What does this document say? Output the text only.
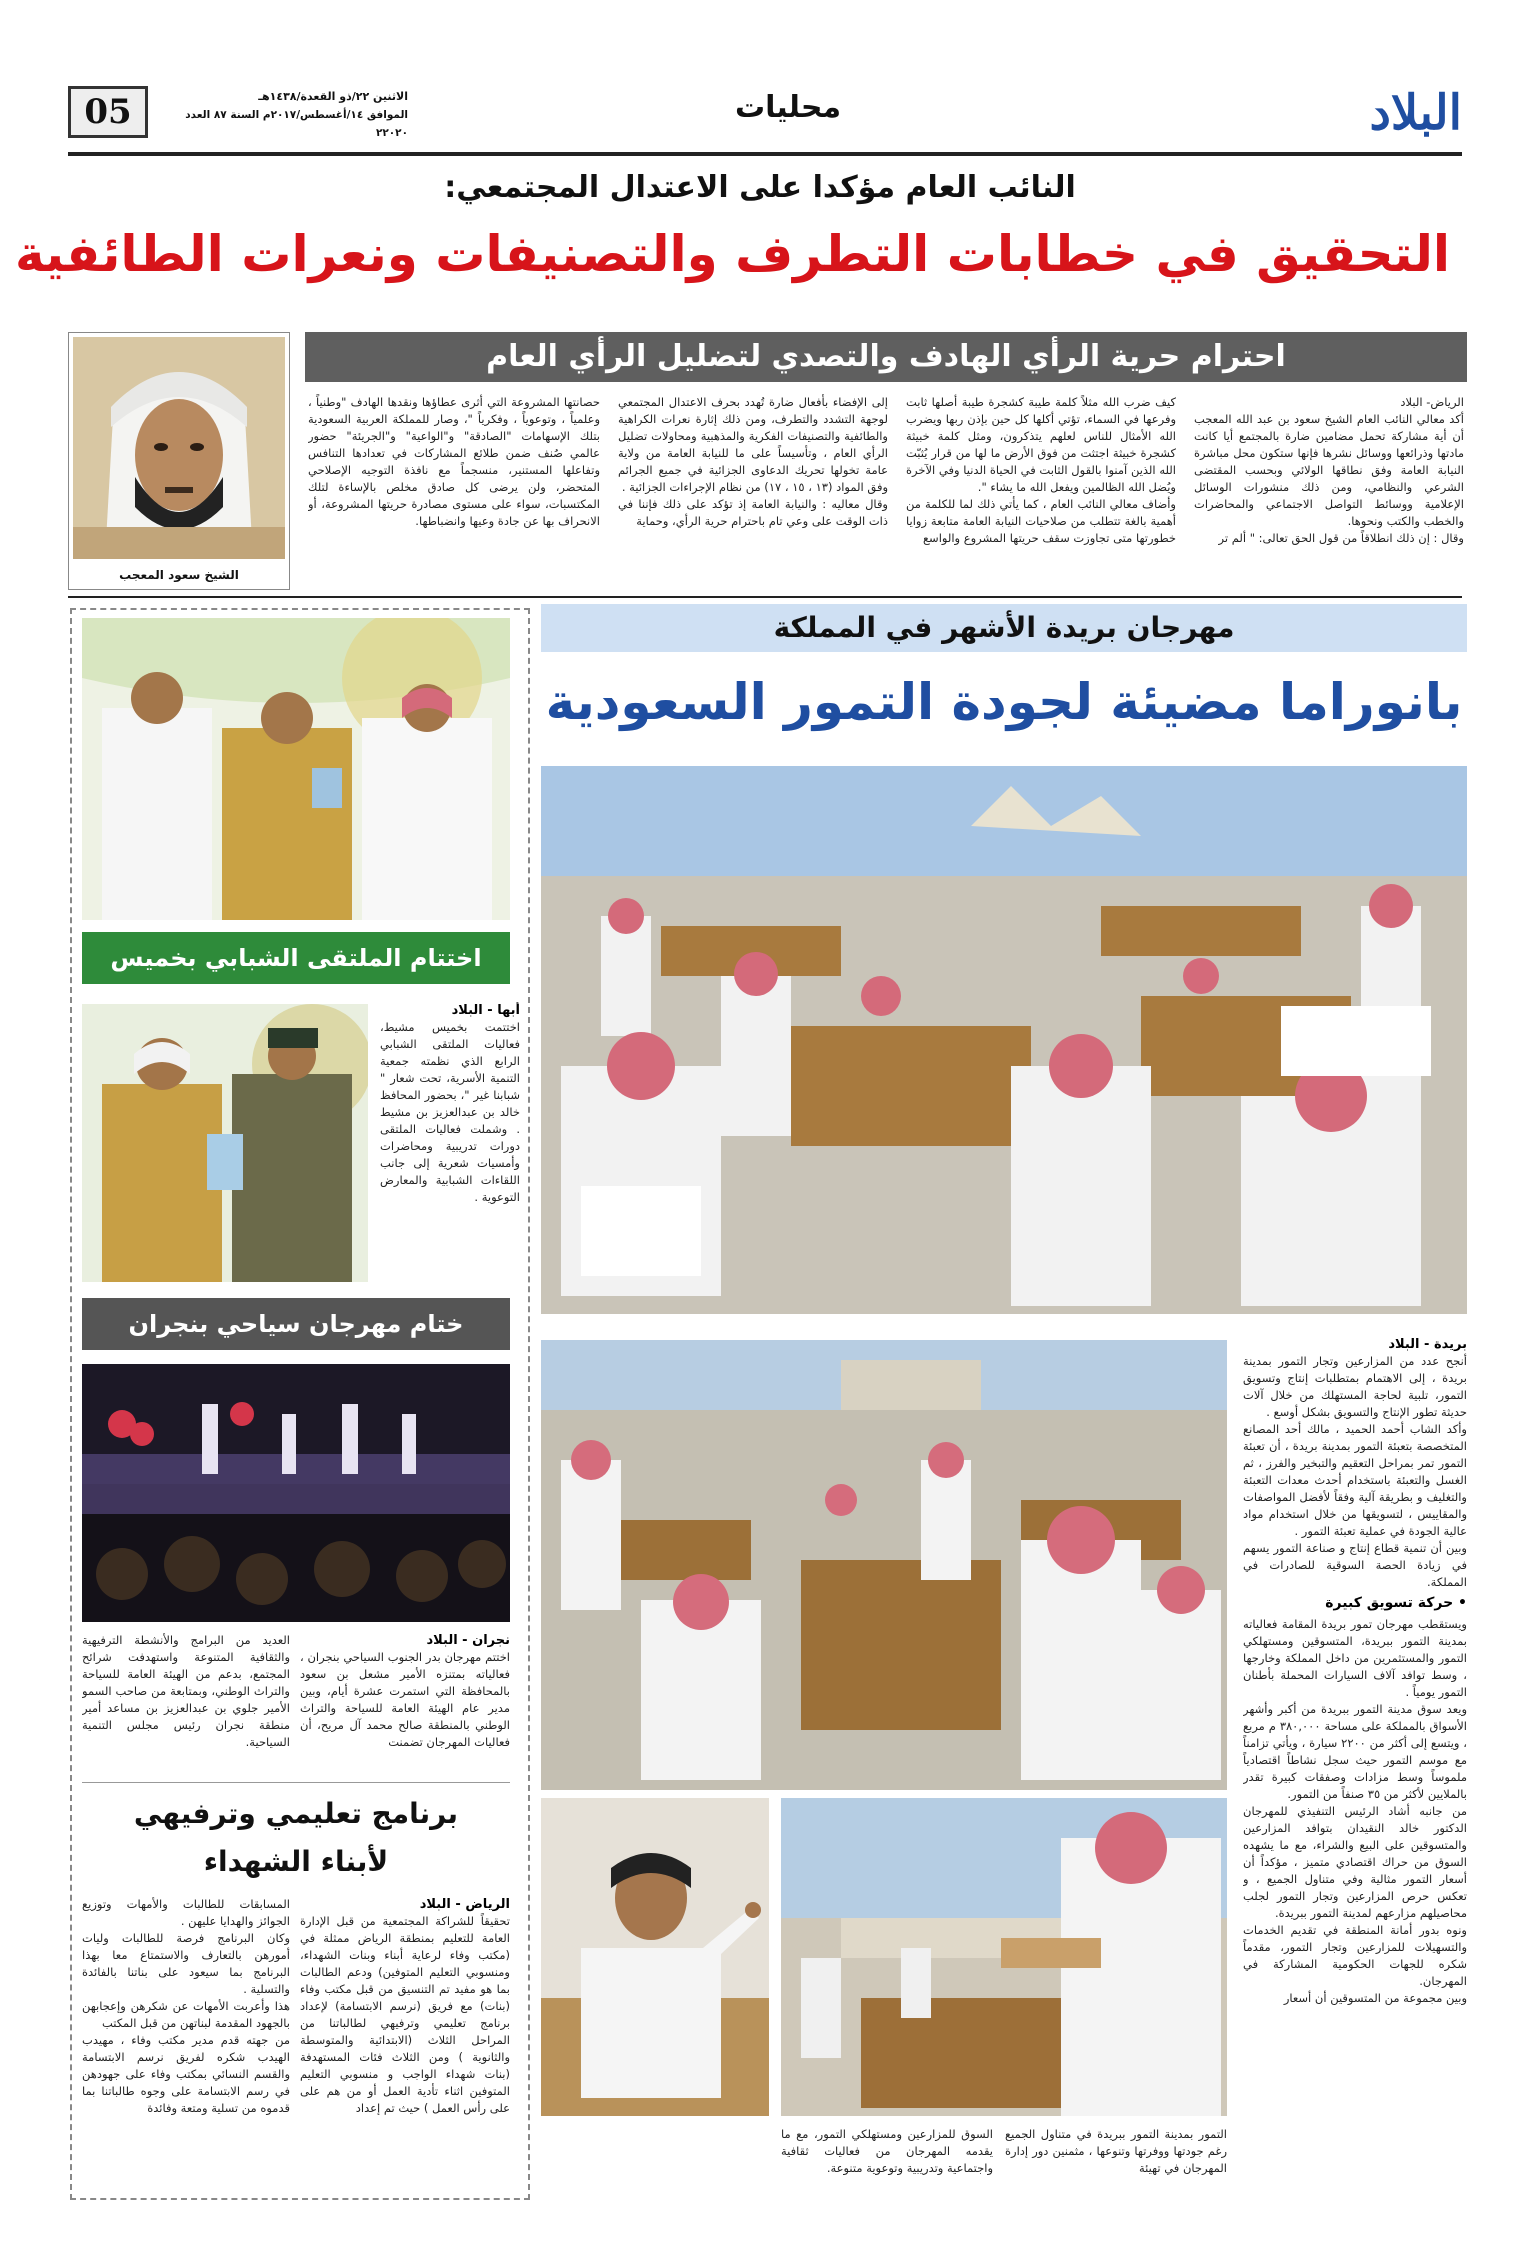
البلاد
محليات
الاثنين ٢٢/ذو القعدة/١٤٣٨هـ
الموافق ١٤/أغسطس/٢٠١٧م السنة ٨٧ العدد ٢٢٠٢٠
05
النائب العام مؤكدا على الاعتدال المجتمعي:
التحقيق في خطابات التطرف والتصنيفات ونعرات الطائفية
احترام حرية الرأي الهادف والتصدي لتضليل الرأي العام
الشيخ سعود المعجب
الرياض- البلاد
أكد معالي النائب العام الشيخ سعود بن عبد الله المعجب أن أية مشاركة تحمل مضامين ضارة بالمجتمع أيا كانت مادتها وذرائعها ووسائل نشرها فإنها ستكون محل مباشرة النيابة العامة وفق نطاقها الولائي وبحسب المقتضى الشرعي والنظامي، ومن ذلك منشورات الوسائل الإعلامية ووسائط التواصل الاجتماعي والمحاضرات والخطب والكتب ونحوها.
وقال : إن ذلك انطلاقاً من قول الحق تعالى: " ألم تر
كيف ضرب الله مثلاً كلمة طيبة كشجرة طيبة أصلها ثابت وفرعها في السماء، تؤتي أكلها كل حين بإذن ربها ويضرب الله الأمثال للناس لعلهم يتذكرون، ومثل كلمة خبيثة كشجرة خبيثة اجتثت من فوق الأرض ما لها من قرار يُثبّت الله الذين آمنوا بالقول الثابت في الحياة الدنيا وفي الآخرة ويُضل الله الظالمين ويفعل الله ما يشاء ".
وأضاف معالي النائب العام ، كما يأتي ذلك لما للكلمة من أهمية بالغة تتطلب من صلاحيات النيابة العامة متابعة زوايا خطورتها متى تجاوزت سقف حريتها المشروع والواسع
إلى الإفضاء بأفعال ضارة تُهدد بحرف الاعتدال المجتمعي لوجهة التشدد والتطرف، ومن ذلك إثارة نعرات الكراهية والطائفية والتصنيفات الفكرية والمذهبية ومحاولات تضليل الرأي العام ، وتأسيساً على ما للنيابة العامة من ولاية عامة تخولها تحريك الدعاوى الجزائية في جميع الجرائم وفق المواد (١٣ ، ١٥ ، ١٧) من نظام الإجراءات الجزائية .
وقال معاليه : والنيابة العامة إذ تؤكد على ذلك فإننا في ذات الوقت على وعي تام باحترام حرية الرأي، وحماية
حصانتها المشروعة التي أثرى عطاؤها ونقدها الهادف "وطنياً ، وعلمياً ، وتوعوياً ، وفكرياً "، وصار للمملكة العربية السعودية بتلك الإسهامات "الصادقة" و"الواعية" و"الجريئة" حضور عالمي صُنف ضمن طلائع المشاركات في تعدادها التنافس وتفاعلها المستنير، منسجماً مع نافذة التوجيه الإصلاحي المتحضر، ولن يرضى كل صادق مخلص بالإساءة لتلك المكتسبات، سواء على مستوى مصادرة حريتها المشروعة، أو الانحراف بها عن جادة وعيها وانضباطها.
مهرجان بريدة الأشهر في المملكة
بانوراما مضيئة لجودة التمور السعودية
بريدة - البلاد
أنجح عدد من المزارعين وتجار التمور بمدينة بريدة ، إلى الاهتمام بمتطلبات إنتاج وتسويق التمور، تلبية لحاجة المستهلك من خلال آلات حديثة تطور الإنتاج والتسويق بشكل أوسع .
وأكد الشاب أحمد الحميد ، مالك أحد المصانع المتخصصة بتعبئة التمور بمدينة بريدة ، أن تعبئة التمور تمر بمراحل التعقيم والتبخير والفرز ، ثم الغسل والتعبئة باستخدام أحدث معدات التعبئة والتغليف و بطريقة آلية وفقاً لأفضل المواصفات والمقاييس ، لتسويقها من خلال استخدام مواد عالية الجودة في عملية تعبئة التمور .
وبين أن تنمية قطاع إنتاج و صناعة التمور يسهم في زيادة الحصة السوقية للصادرات في المملكة.
• حركة تسويق كبيرة
ويستقطب مهرجان تمور بريدة المقامة فعالياته بمدينة التمور ببريدة، المتسوقين ومستهلكي التمور والمستثمرين من داخل المملكة وخارجها ، وسط توافد آلاف السيارات المحملة بأطنان التمور يومياً .
ويعد سوق مدينة التمور ببريدة من أكبر وأشهر الأسواق بالمملكة على مساحة ٣٨٠,٠٠٠ م مربع ، ويتسع إلى أكثر من ٢٢٠٠ سيارة ، ويأتي تزامناً مع موسم التمور حيث سجل نشاطاً اقتصادياً ملموساً وسط مزادات وصفقات كبيرة تقدر بالملايين لأكثر من ٣٥ صنفاً من التمور.
من جانبه أشاد الرئيس التنفيذي للمهرجان الدكتور خالد النقيدان بتوافد المزارعين والمتسوقين على البيع والشراء، مع ما يشهده السوق من حراك اقتصادي متميز ، مؤكداً أن أسعار التمور مثالية وفي متناول الجميع ، و تعكس حرص المزارعين وتجار التمور لجلب محاصيلهم مزارعهم لمدينة التمور ببريدة.
ونوه بدور أمانة المنطقة في تقديم الخدمات والتسهيلات للمزارعين وتجار التمور، مقدماً شكره للجهات الحكومية المشاركة في المهرجان.
وبين مجموعة من المتسوقين أن أسعار
التمور بمدينة التمور ببريدة في متناول الجميع رغم جودتها ووفرتها وتنوعها ، مثمنين دور إدارة المهرجان في تهيئة
السوق للمزارعين ومستهلكي التمور، مع ما يقدمه المهرجان من فعاليات ثقافية واجتماعية وتدريبية وتوعوية متنوعة.
اختتام الملتقى الشبابي بخميس
أبها - البلاد
اختتمت بخميس مشيط، فعاليات الملتقى الشبابي الرابع الذي نظمته جمعية التنمية الأسرية، تحت شعار " شبابنا غير "، بحضور المحافظ خالد بن عبدالعزيز بن مشيط . وشملت فعاليات الملتقى دورات تدريبية ومحاضرات وأمسيات شعرية إلى جانب اللقاءات الشبابية والمعارض التوعوية .
ختام مهرجان سياحي بنجران
نجران - البلاد
اختتم مهرجان بدر الجنوب السياحي بنجران ، فعالياته بمتنزه الأمير مشعل بن سعود بالمحافظة التي استمرت عشرة أيام، وبين مدير عام الهيئة العامة للسياحة والتراث الوطني بالمنطقة صالح محمد آل مريح، أن فعاليات المهرجان تضمنت
العديد من البرامج والأنشطة الترفيهية والثقافية المتنوعة واستهدفت شرائح المجتمع، بدعم من الهيئة العامة للسياحة والتراث الوطني، وبمتابعة من صاحب السمو الأمير جلوي بن عبدالعزيز بن مساعد أمير منطقة نجران رئيس مجلس التنمية السياحية.
برنامج تعليمي وترفيهي
لأبناء الشهداء
الرياض - البلاد
تحقيقاً للشراكة المجتمعية من قبل الإدارة العامة للتعليم بمنطقة الرياض ممثلة في (مكتب وفاء لرعاية أبناء وبنات الشهداء، ومنسوبي التعليم المتوفين) ودعم الطالبات بما هو مفيد تم التنسيق من قبل مكتب وفاء (بنات) مع فريق (نرسم الابتسامة) لإعداد برنامج تعليمي وترفيهي لطالباتنا من المراحل الثلاث (الابتدائية والمتوسطة والثانوية ) ومن الثلاث فئات المستهدفة (بنات شهداء الواجب و منسوبي التعليم المتوفين اثناء تأدية العمل أو من هم على على رأس العمل ) حيث تم إعداد
المسابقات للطالبات والأمهات وتوزيع الجوائز والهدايا عليهن .
وكان البرنامج فرصة للطالبات وليات أمورهن بالتعارف والاستمتاع معا بهذا البرنامج بما سيعود على بناتنا بالفائدة والتسلية .
هذا وأعربت الأمهات عن شكرهن وإعجابهن بالجهود المقدمة لبناتهن من قبل المكتب
من جهته قدم مدير مكتب وفاء ، مهيدب الهيدب شكره لفريق نرسم الابتسامة والقسم النسائي بمكتب وفاء على جهودهن في رسم الابتسامة على وجوه طالباتنا بما قدموه من تسلية ومتعة وفائدة
